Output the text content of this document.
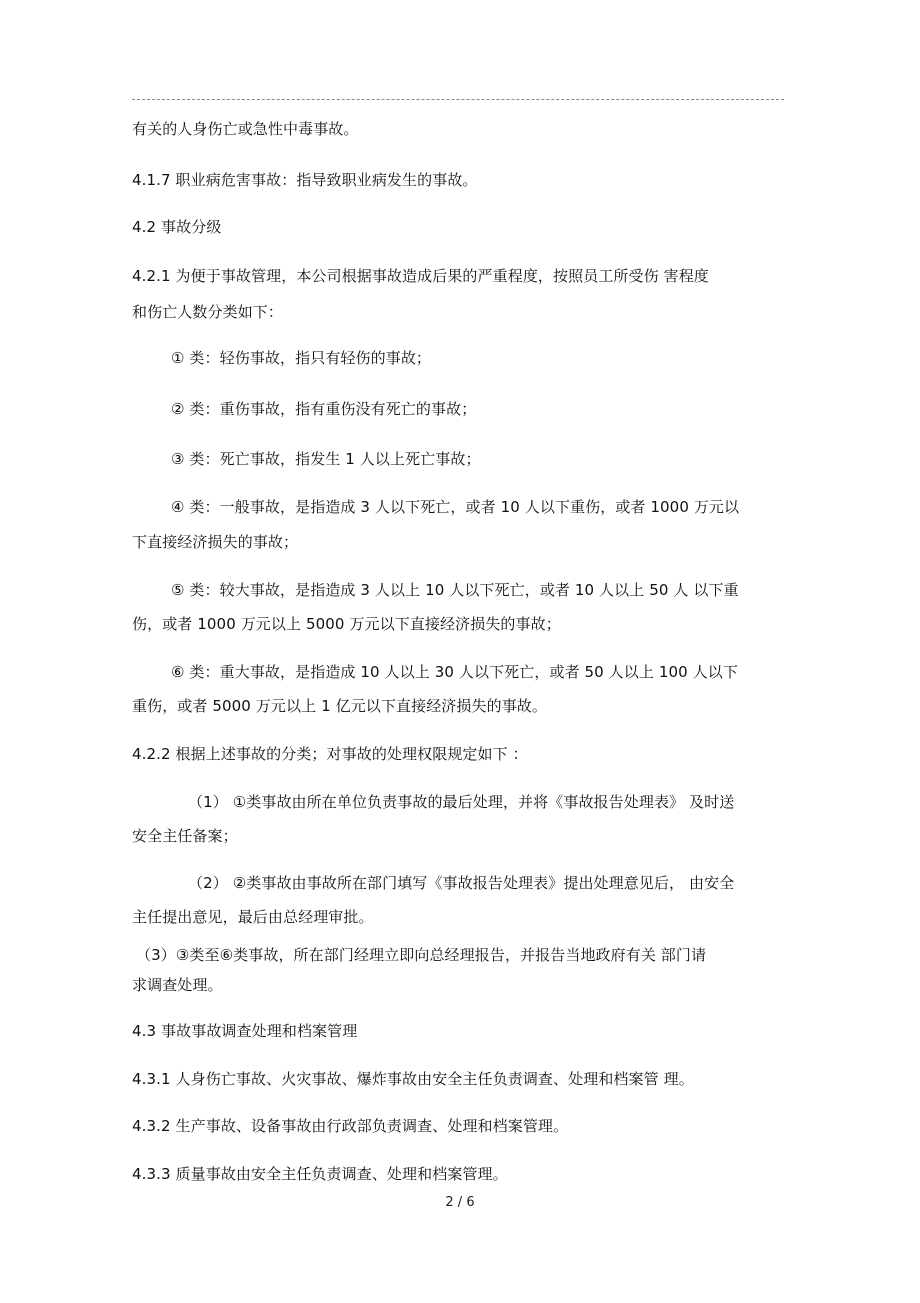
有关的人身伤亡或急性中毒事故。
4.1.7 职业病危害事故：指导致职业病发生的事故。
4.2 事故分级
4.2.1 为便于事故管理，本公司根据事故造成后果的严重程度，按照员工所受伤 害程度
和伤亡人数分类如下：
① 类：轻伤事故，指只有轻伤的事故；
② 类：重伤事故，指有重伤没有死亡的事故；
③ 类：死亡事故，指发生 1 人以上死亡事故；
④ 类：一般事故，是指造成 3 人以下死亡，或者 10 人以下重伤，或者 1000 万元以
下直接经济损失的事故；
⑤ 类：较大事故，是指造成 3 人以上 10 人以下死亡，或者 10 人以上 50 人 以下重
伤，或者 1000 万元以上 5000 万元以下直接经济损失的事故；
⑥ 类：重大事故，是指造成 10 人以上 30 人以下死亡，或者 50 人以上 100 人以下
重伤，或者 5000 万元以上 1 亿元以下直接经济损失的事故。
4.2.2 根据上述事故的分类；对事故的处理权限规定如下 ：
（1） ①类事故由所在单位负责事故的最后处理，并将《事故报告处理表》 及时送
安全主任备案；
（2） ②类事故由事故所在部门填写《事故报告处理表》提出处理意见后， 由安全
主任提出意见，最后由总经理审批。
（3）③类至⑥类事故，所在部门经理立即向总经理报告，并报告当地政府有关 部门请
求调查处理。
4.3 事故事故调查处理和档案管理
4.3.1 人身伤亡事故、火灾事故、爆炸事故由安全主任负责调查、处理和档案管 理。
4.3.2 生产事故、设备事故由行政部负责调查、处理和档案管理。
4.3.3 质量事故由安全主任负责调查、处理和档案管理。
2 / 6
